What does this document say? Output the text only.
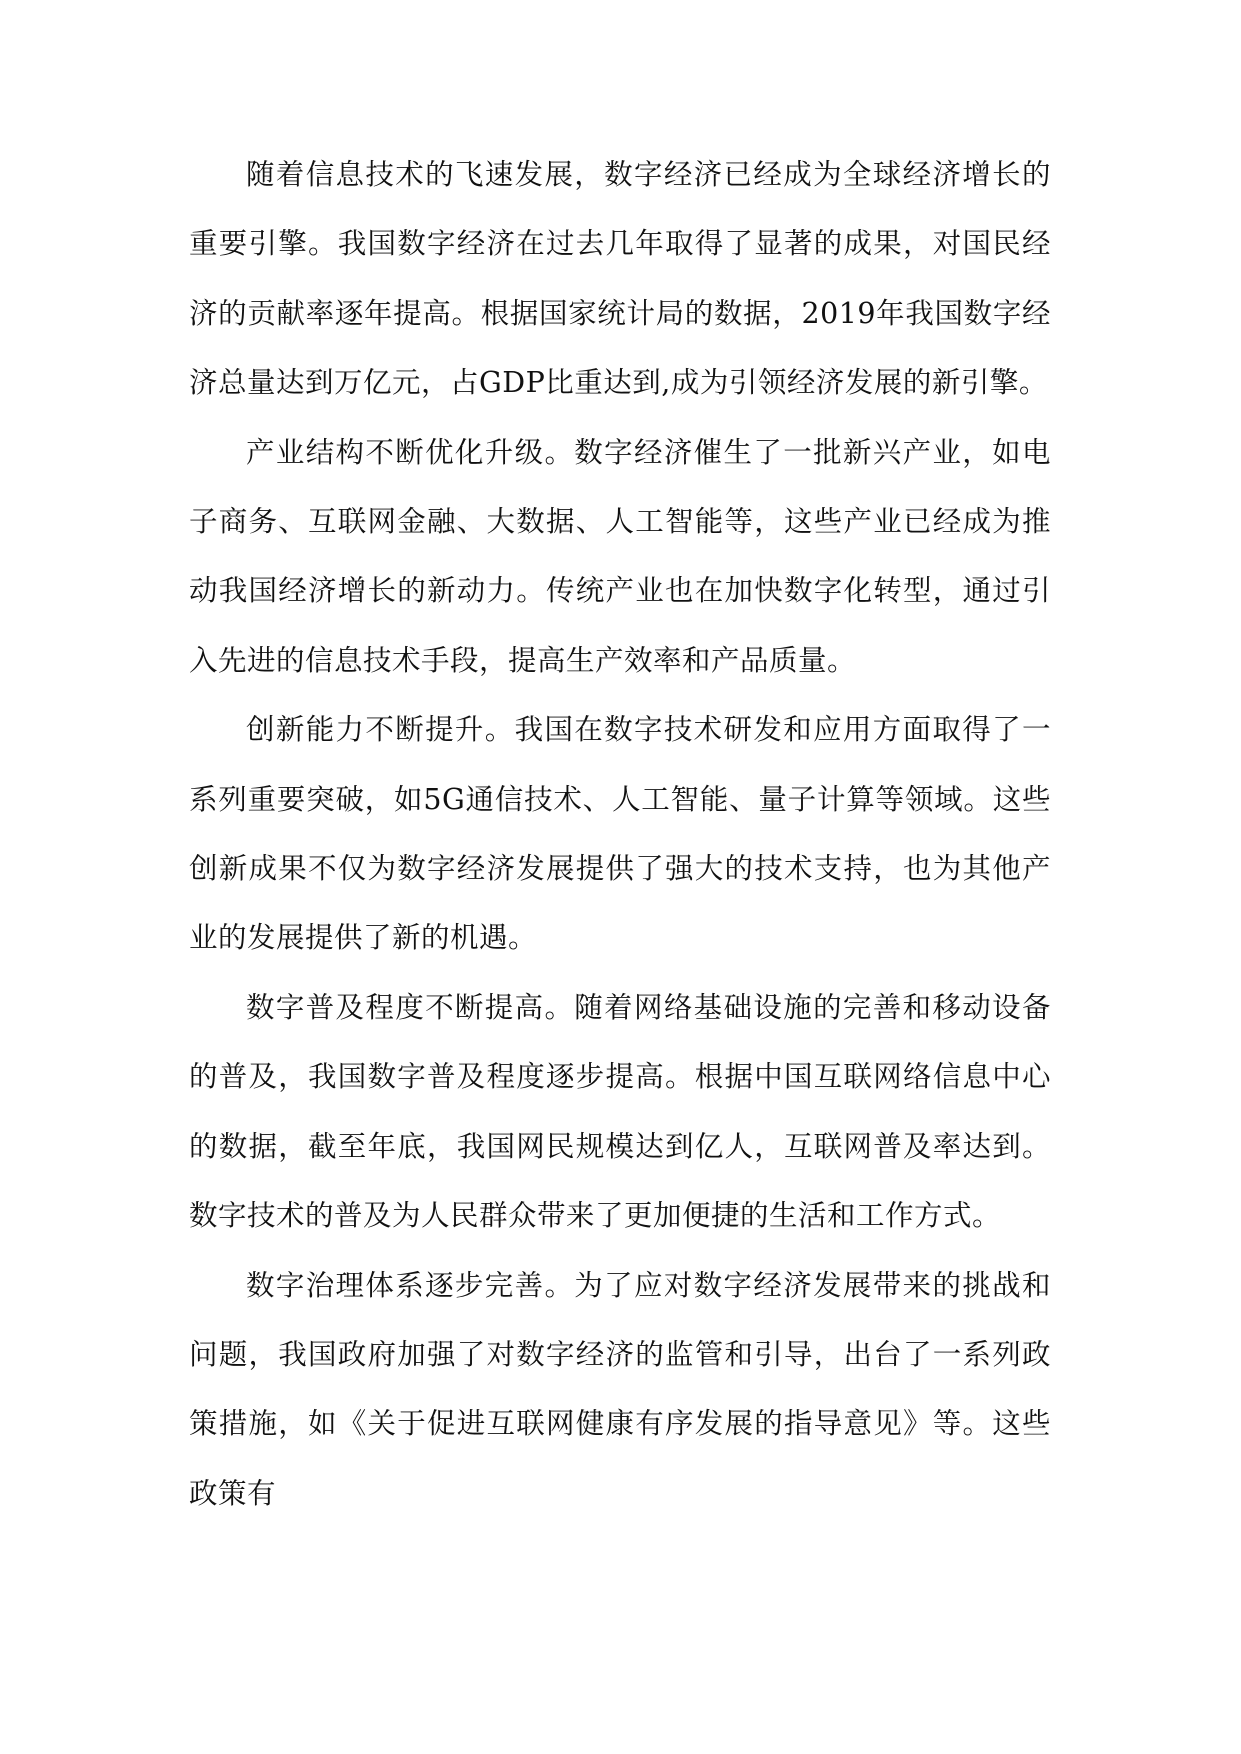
随着信息技术的飞速发展，数字经济已经成为全球经济增长的重要引擎。我国数字经济在过去几年取得了显著的成果，对国民经济的贡献率逐年提高。根据国家统计局的数据，2019年我国数字经济总量达到万亿元，占GDP比重达到,成为引领经济发展的新引擎。

产业结构不断优化升级。数字经济催生了一批新兴产业，如电子商务、互联网金融、大数据、人工智能等，这些产业已经成为推动我国经济增长的新动力。传统产业也在加快数字化转型，通过引入先进的信息技术手段，提高生产效率和产品质量。

创新能力不断提升。我国在数字技术研发和应用方面取得了一系列重要突破，如5G通信技术、人工智能、量子计算等领域。这些创新成果不仅为数字经济发展提供了强大的技术支持，也为其他产业的发展提供了新的机遇。

数字普及程度不断提高。随着网络基础设施的完善和移动设备的普及，我国数字普及程度逐步提高。根据中国互联网络信息中心的数据，截至年底，我国网民规模达到亿人，互联网普及率达到。数字技术的普及为人民群众带来了更加便捷的生活和工作方式。

数字治理体系逐步完善。为了应对数字经济发展带来的挑战和问题，我国政府加强了对数字经济的监管和引导，出台了一系列政策措施，如《关于促进互联网健康有序发展的指导意见》等。这些政策有
